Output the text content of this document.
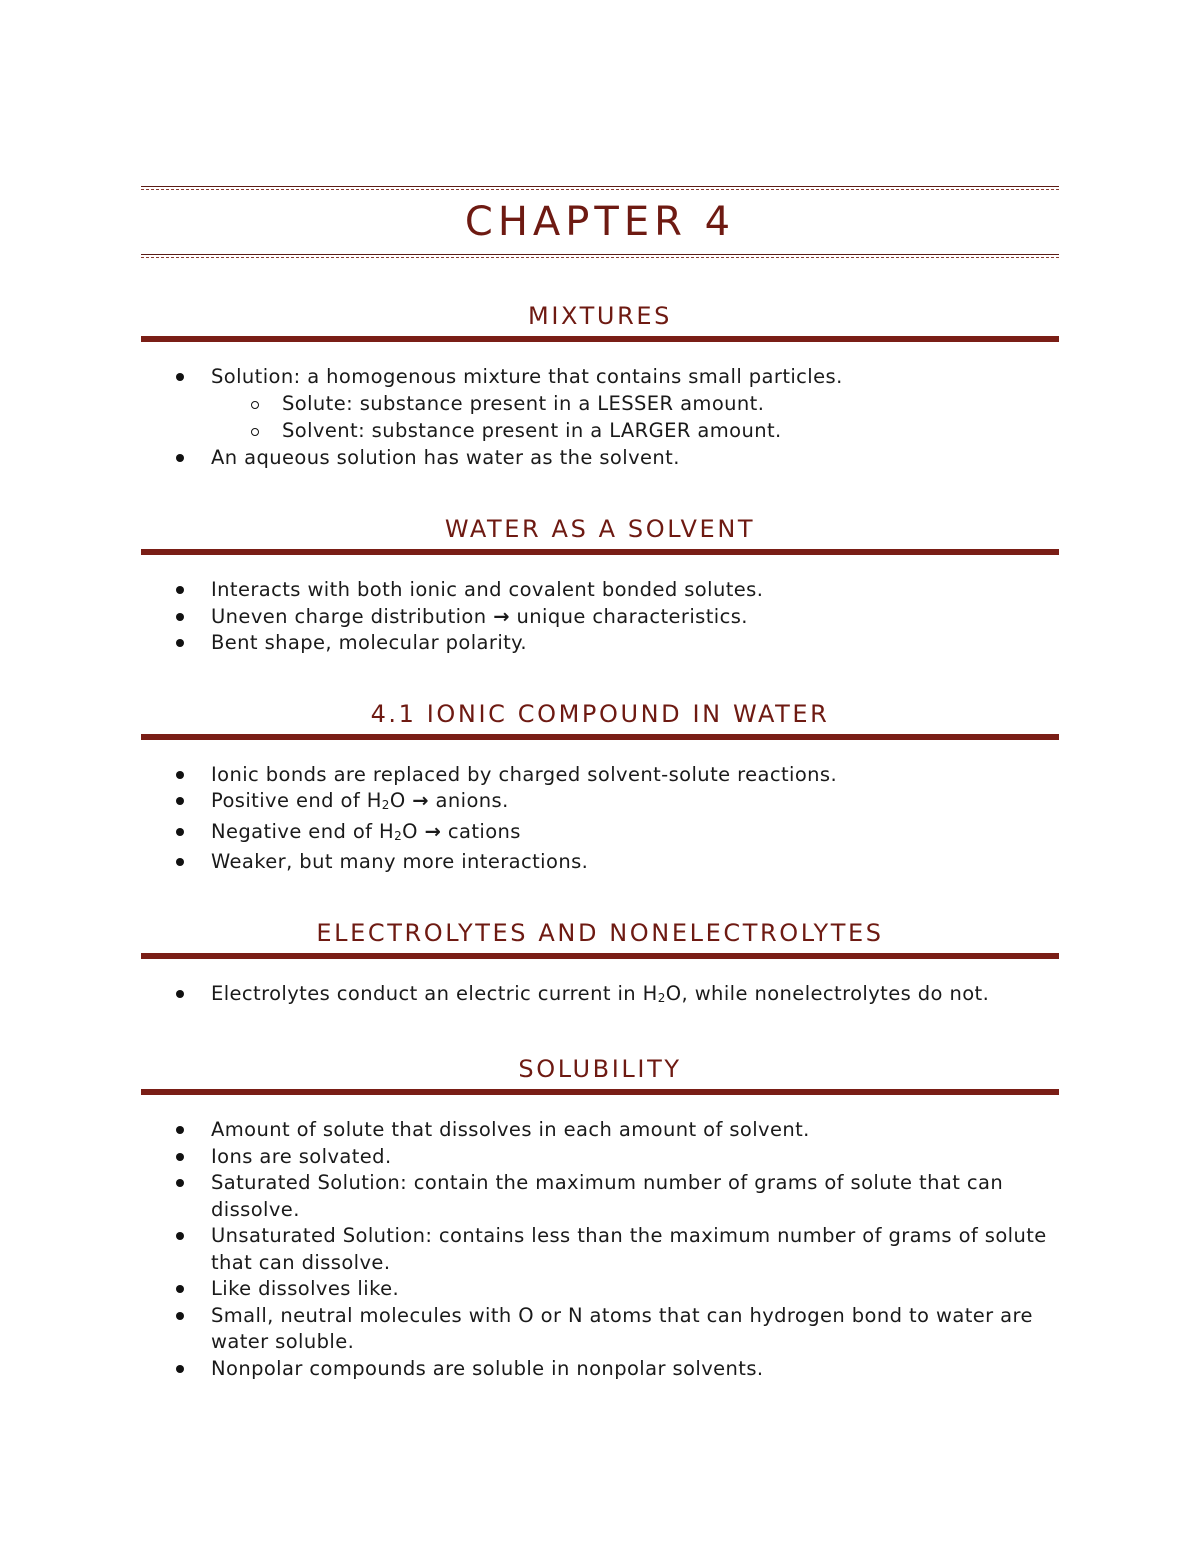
CHAPTER 4
MIXTURES
Solution: a homogenous mixture that contains small particles.
Solute: substance present in a LESSER amount.
Solvent: substance present in a LARGER amount.
An aqueous solution has water as the solvent.
WATER AS A SOLVENT
Interacts with both ionic and covalent bonded solutes.
Uneven charge distribution → unique characteristics.
Bent shape, molecular polarity.
4.1 IONIC COMPOUND IN WATER
Ionic bonds are replaced by charged solvent-solute reactions.
Positive end of $H_2O$ → anions.
Negative end of $H_2O$ → cations
Weaker, but many more interactions.
ELECTROLYTES AND NONELECTROLYTES
Electrolytes conduct an electric current in $H_2O$, while nonelectrolytes do not.
SOLUBILITY
Amount of solute that dissolves in each amount of solvent.
Ions are solvated.
Saturated Solution: contain the maximum number of grams of solute that can dissolve.
Unsaturated Solution: contains less than the maximum number of grams of solute that can dissolve.
Like dissolves like.
Small, neutral molecules with O or N atoms that can hydrogen bond to water are water soluble.
Nonpolar compounds are soluble in nonpolar solvents.
